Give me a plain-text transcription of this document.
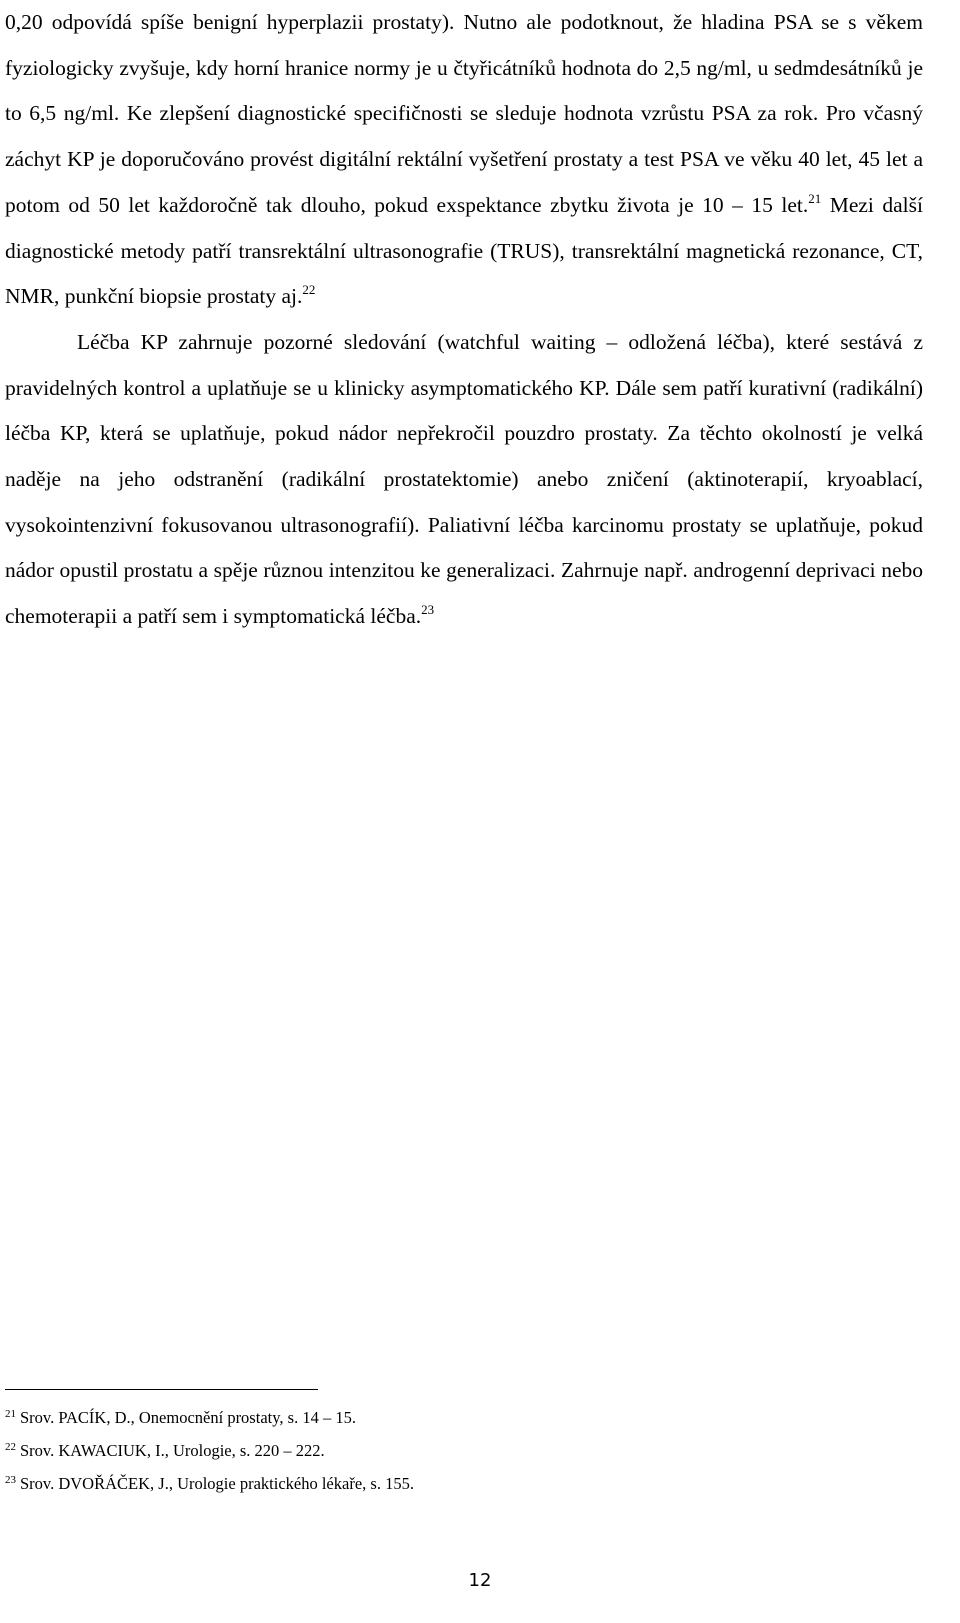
0,20 odpovídá spíše benigní hyperplazii prostaty). Nutno ale podotknout, že hladina PSA se s věkem fyziologicky zvyšuje, kdy horní hranice normy je u čtyřicátníků hodnota do 2,5 ng/ml, u sedmdesátníků je to 6,5 ng/ml. Ke zlepšení diagnostické specifičnosti se sleduje hodnota vzrůstu PSA za rok. Pro včasný záchyt KP je doporučováno provést digitální rektální vyšetření prostaty a test PSA ve věku 40 let, 45 let a potom od 50 let každoročně tak dlouho, pokud exspektance zbytku života je 10 – 15 let.$^{21}$ Mezi další diagnostické metody patří transrektální ultrasonografie (TRUS), transrektální magnetická rezonance, CT, NMR, punkční biopsie prostaty aj.$^{22}$

Léčba KP zahrnuje pozorné sledování (watchful waiting – odložená léčba), které sestává z pravidelných kontrol a uplatňuje se u klinicky asymptomatického KP. Dále sem patří kurativní (radikální) léčba KP, která se uplatňuje, pokud nádor nepřekročil pouzdro prostaty. Za těchto okolností je velká naděje na jeho odstranění (radikální prostatektomie) anebo zničení (aktinoterapií, kryoablací, vysokointenzivní fokusovanou ultrasonografií). Paliativní léčba karcinomu prostaty se uplatňuje, pokud nádor opustil prostatu a spěje různou intenzitou ke generalizaci. Zahrnuje např. androgenní deprivaci nebo chemoterapii a patří sem i symptomatická léčba.$^{23}$

$^{21}$ Srov. PACÍK, D., Onemocnění prostaty, s. 14 – 15.
$^{22}$ Srov. KAWACIUK, I., Urologie, s. 220 – 222.
$^{23}$ Srov. DVOŘÁČEK, J., Urologie praktického lékaře, s. 155.
12
